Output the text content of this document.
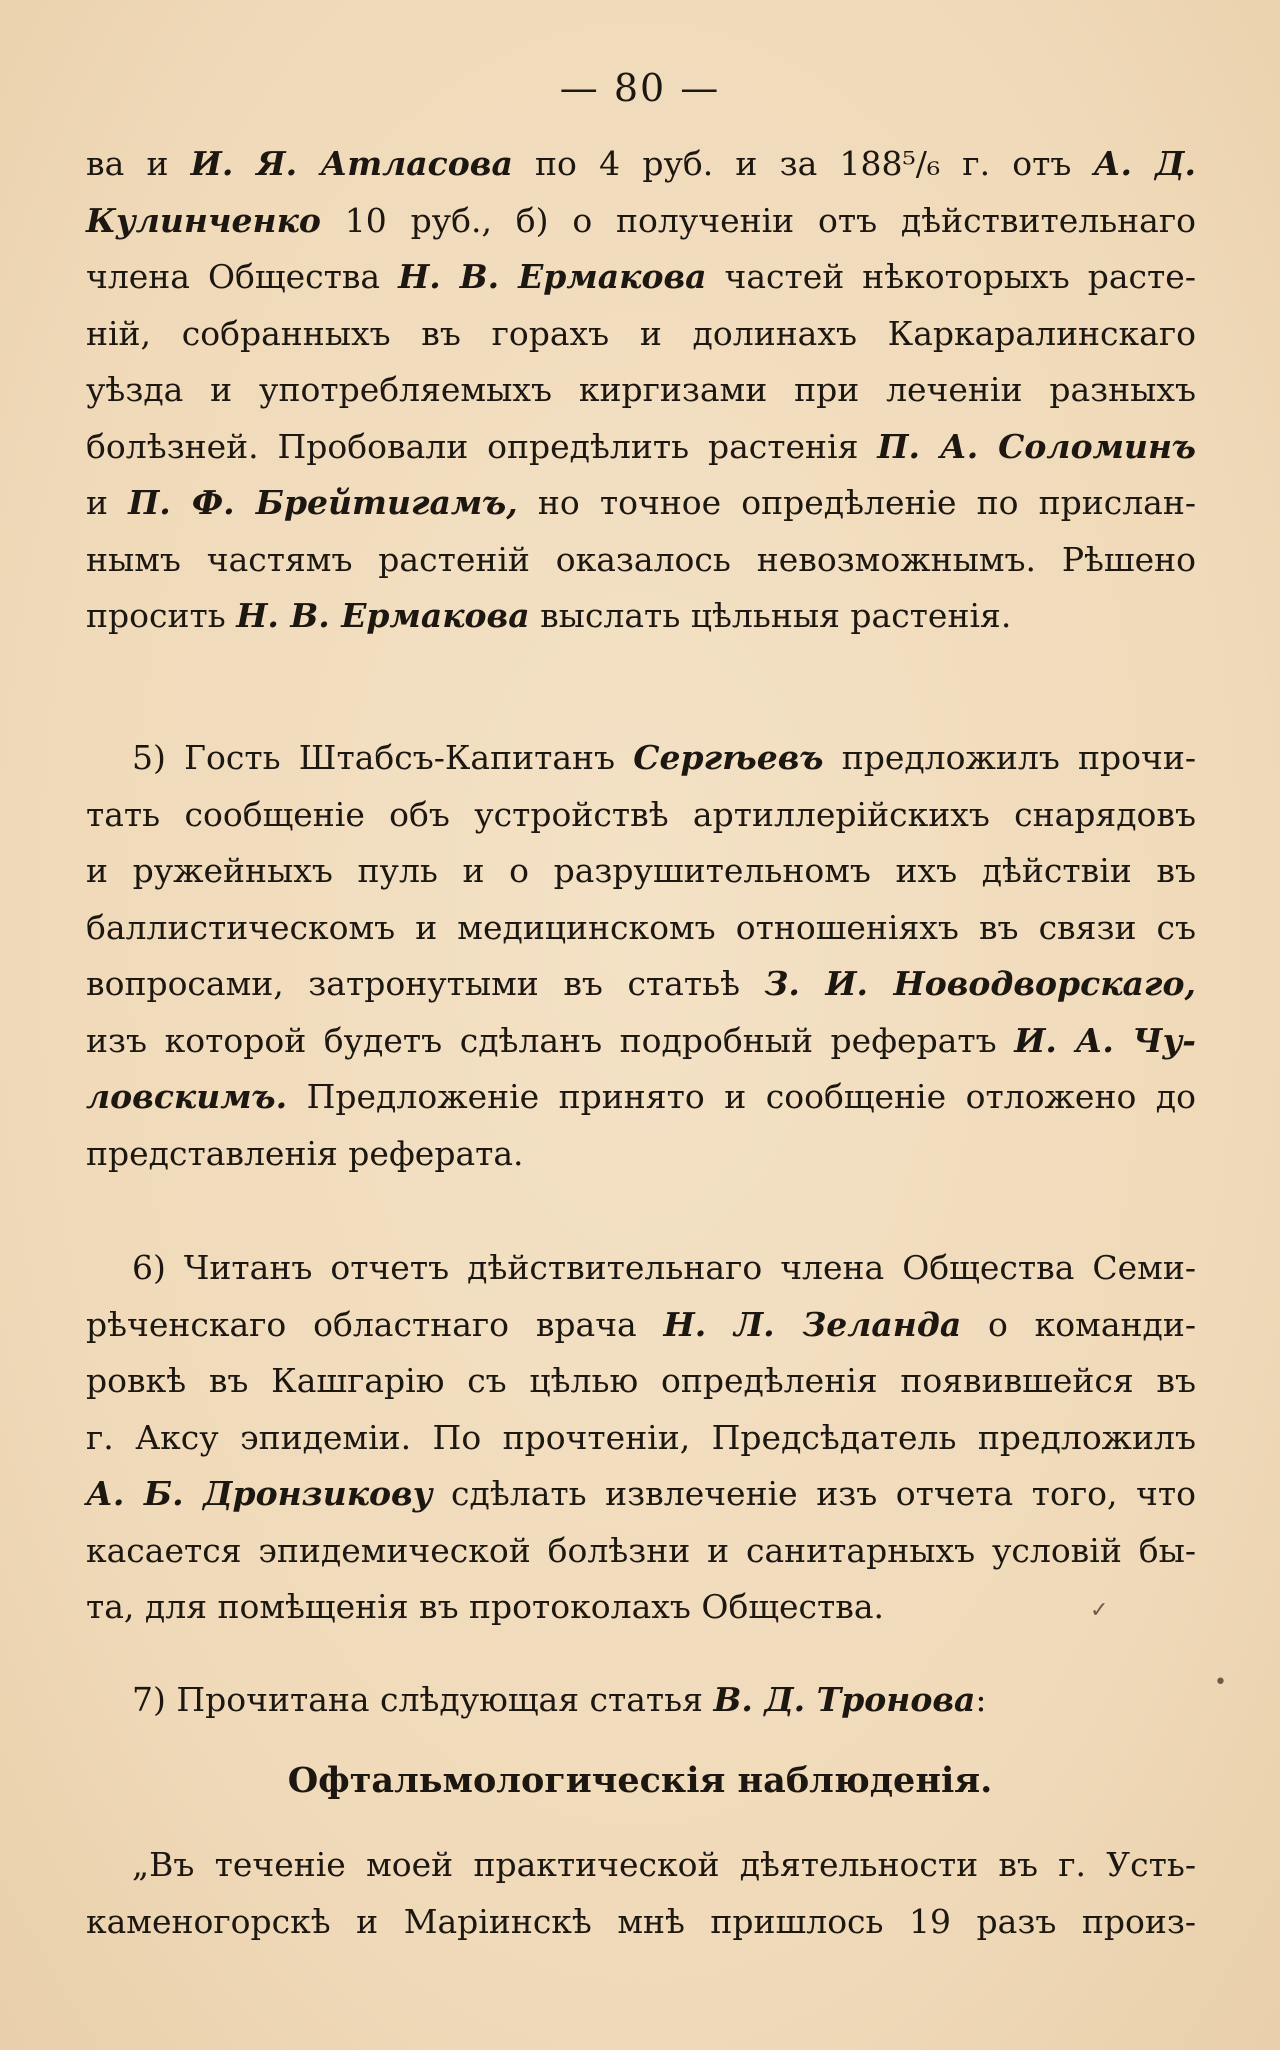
— 80 —
ва и И. Я. Атласова по 4 руб. и за 188⁵/₆ г. отъ А. Д.
Кулинченко 10 руб., б) о полученіи отъ дѣйствительнаго
члена Общества Н. В. Ермакова частей нѣкоторыхъ расте-
ній, собранныхъ въ горахъ и долинахъ Каркаралинскаго
уѣзда и употребляемыхъ киргизами при леченіи разныхъ
болѣзней. Пробовали опредѣлить растенія П. А. Соломинъ
и П. Ф. Брейтигамъ, но точное опредѣленіе по прислан-
нымъ частямъ растеній оказалось невозможнымъ. Рѣшено
просить Н. В. Ермакова выслать цѣльныя растенія.
5) Гость Штабсъ-Капитанъ Сергѣевъ предложилъ прочи-
тать сообщеніе объ устройствѣ артиллерійскихъ снарядовъ
и ружейныхъ пуль и о разрушительномъ ихъ дѣйствіи въ
баллистическомъ и медицинскомъ отношеніяхъ въ связи съ
вопросами, затронутыми въ статьѣ З. И. Новодворскаго,
изъ которой будетъ сдѣланъ подробный рефератъ И. А. Чу-
ловскимъ. Предложеніе принято и сообщеніе отложено до
представленія реферата.
6) Читанъ отчетъ дѣйствительнаго члена Общества Семи-
рѣченскаго областнаго врача Н. Л. Зеланда о команди-
ровкѣ въ Кашгарію съ цѣлью опредѣленія появившейся въ
г. Аксу эпидеміи. По прочтеніи, Предсѣдатель предложилъ
А. Б. Дронзикову сдѣлать извлеченіе изъ отчета того, что
касается эпидемической болѣзни и санитарныхъ условій бы-
та, для помѣщенія въ протоколахъ Общества.
7) Прочитана слѣдующая статья В. Д. Тронова:
Офтальмологическія наблюденія.
„Въ теченіе моей практической дѣятельности въ г. Усть-
каменогорскѣ и Маріинскѣ мнѣ пришлось 19 разъ произ-
✓
•
